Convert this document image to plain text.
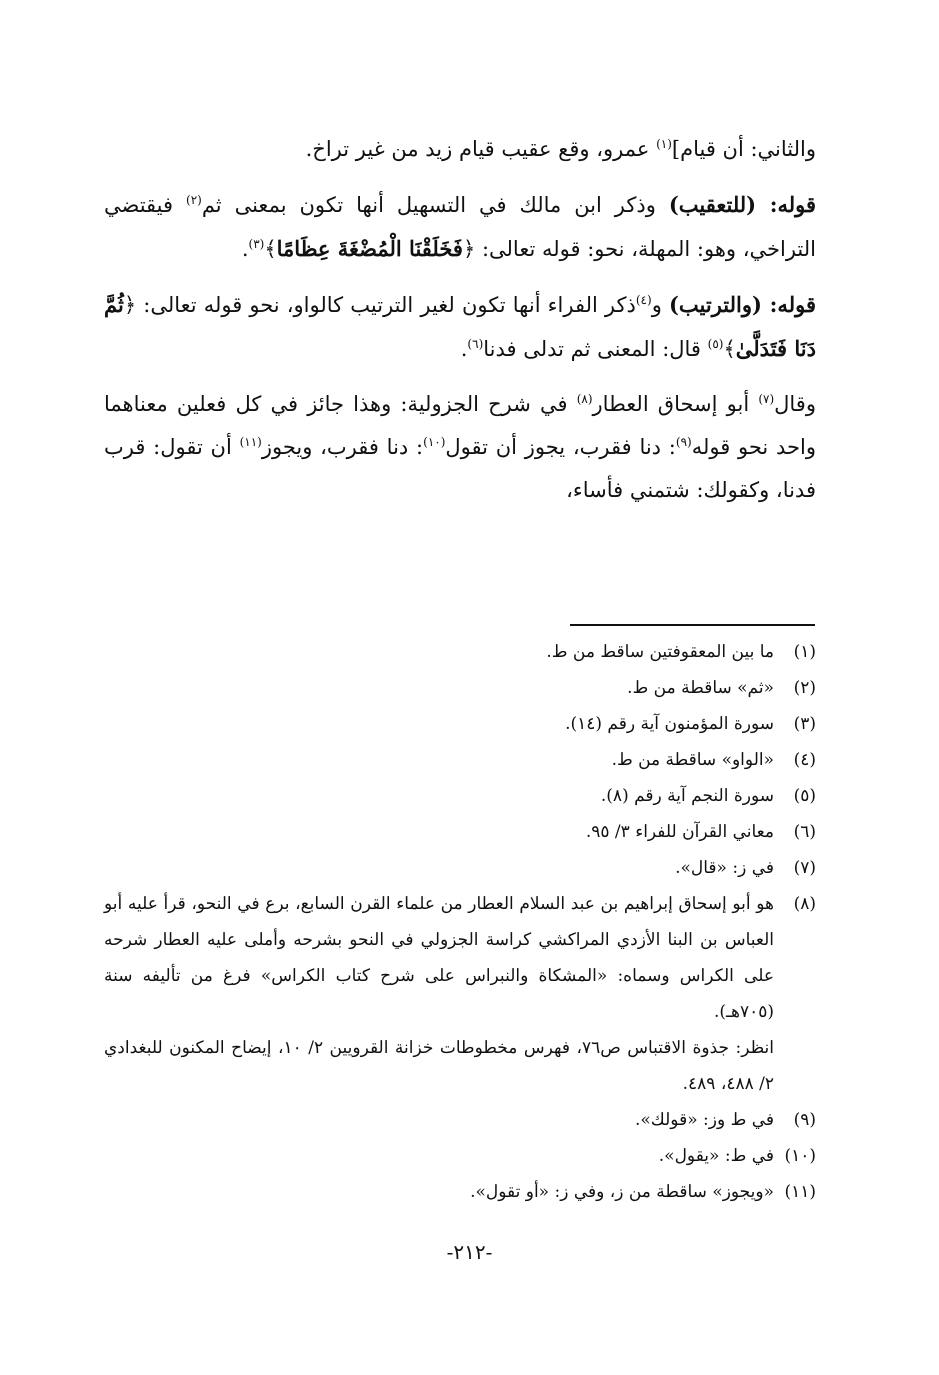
والثاني: أن قيام]$^{(١)}$ عمرو، وقع عقيب قيام زيد من غير تراخ.

قوله: (للتعقيب) وذكر ابن مالك في التسهيل أنها تكون بمعنى ثم$^{(٢)}$ فيقتضي التراخي، وهو: المهلة، نحو: قوله تعالى: ﴿فَخَلَقْنَا الْمُضْغَةَ عِظَامًا﴾$^{(٣)}$.

قوله: (والترتيب) و$^{(٤)}$ذكر الفراء أنها تكون لغير الترتيب كالواو، نحو قوله تعالى: ﴿ثُمَّ دَنَا فَتَدَلَّىٰ﴾$^{(٥)}$ قال: المعنى ثم تدلى فدنا$^{(٦)}$.

وقال$^{(٧)}$ أبو إسحاق العطار$^{(٨)}$ في شرح الجزولية: وهذا جائز في كل فعلين معناهما واحد نحو قوله$^{(٩)}$: دنا فقرب، يجوز أن تقول$^{(١٠)}$: دنا فقرب، ويجوز$^{(١١)}$ أن تقول: قرب فدنا، وكقولك: شتمني فأساء،

(١)
ما بين المعقوفتين ساقط من ط.
(٢)
«ثم» ساقطة من ط.
(٣)
سورة المؤمنون آية رقم (١٤).
(٤)
«الواو» ساقطة من ط.
(٥)
سورة النجم آية رقم (٨).
(٦)
معاني القرآن للفراء ٣/ ٩٥.
(٧)
في ز: «قال».
(٨)
هو أبو إسحاق إبراهيم بن عبد السلام العطار من علماء القرن السابع، برع في النحو، قرأ عليه أبو العباس بن البنا الأزدي المراكشي كراسة الجزولي في النحو بشرحه وأملى عليه العطار شرحه على الكراس وسماه: «المشكاة والنبراس على شرح كتاب الكراس» فرغ من تأليفه سنة (٧٠٥هـ).
انظر: جذوة الاقتباس ص٧٦، فهرس مخطوطات خزانة القرويين ٢/ ١٠، إيضاح المكنون للبغدادي ٢/ ٤٨٨، ٤٨٩.
(٩)
في ط وز: «قولك».
(١٠)
في ط: «يقول».
(١١)
«ويجوز» ساقطة من ز، وفي ز: «أو تقول».
-٢١٢-
